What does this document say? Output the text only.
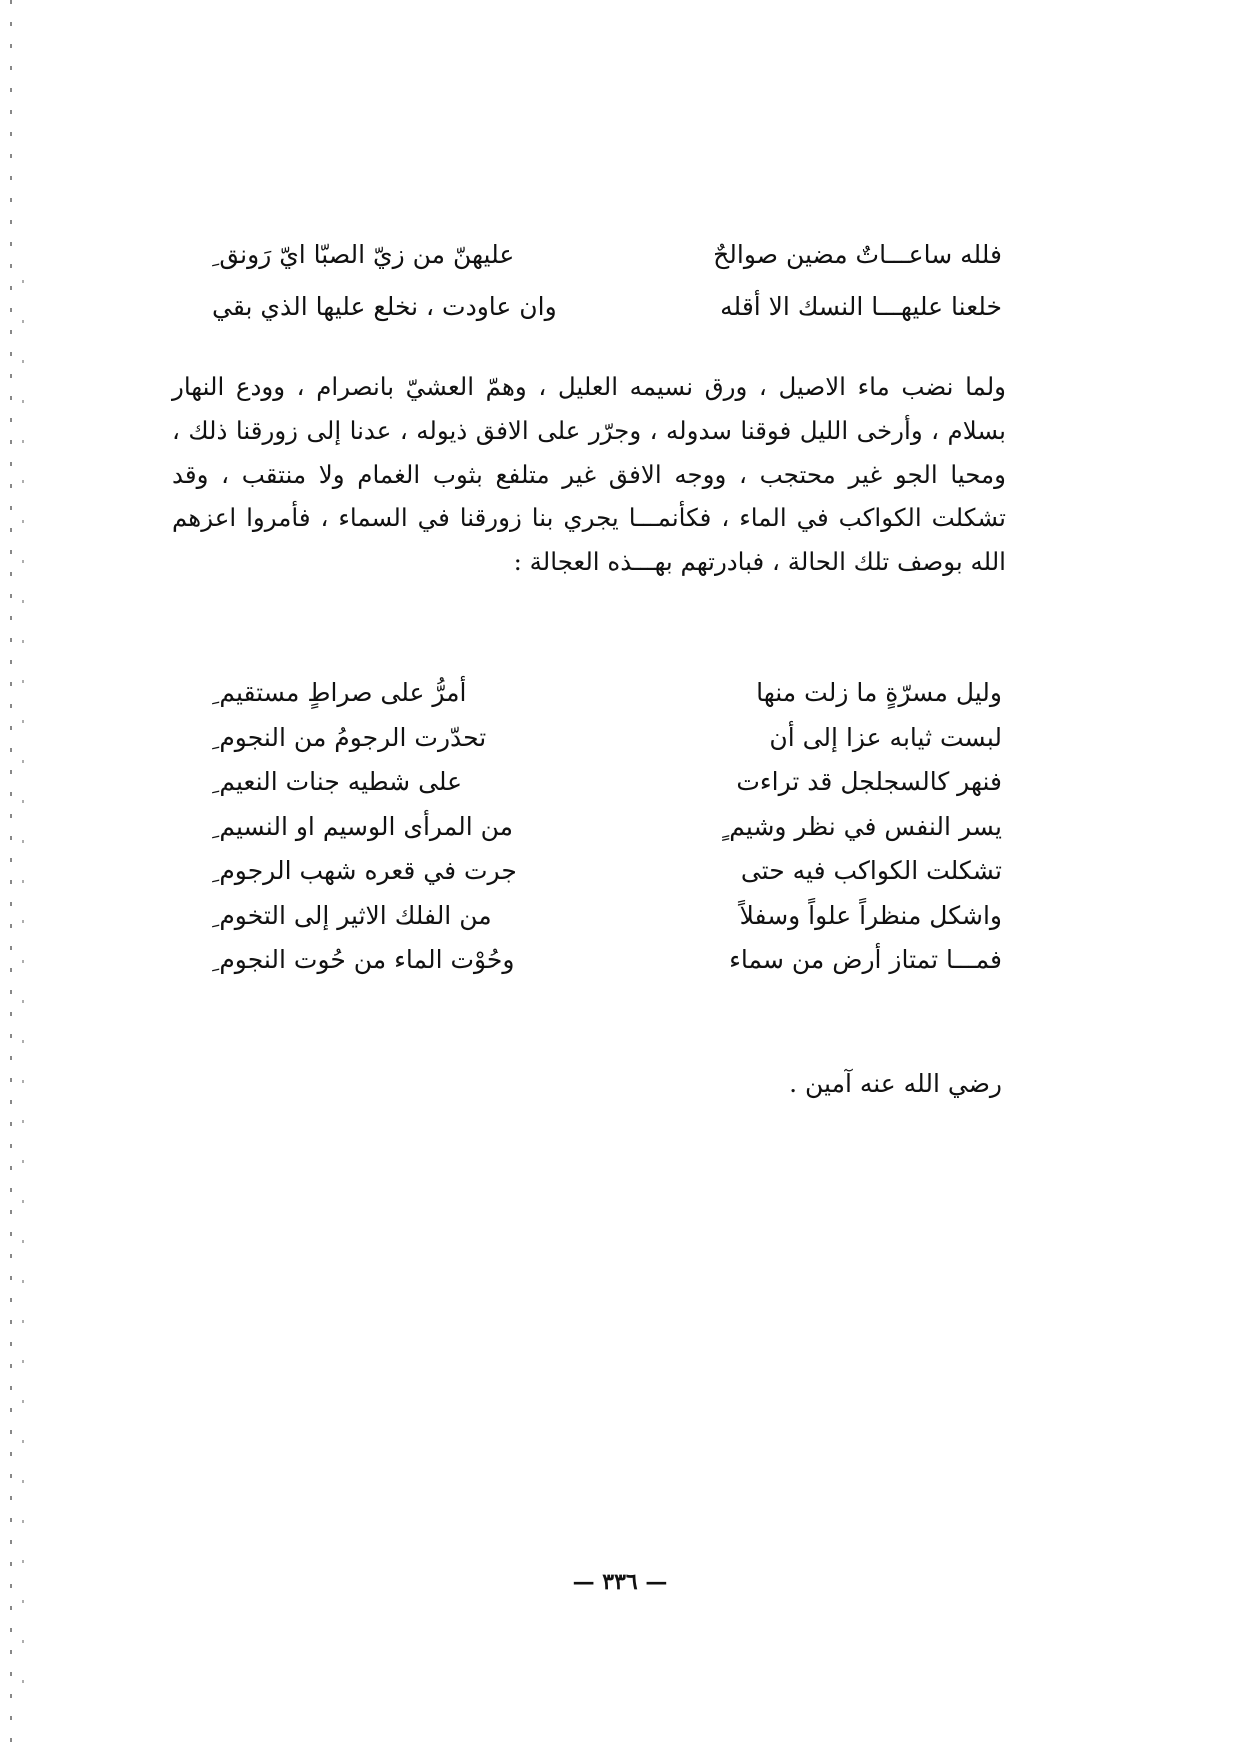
فلله ساعـــاتٌ مضين صوالحٌ
عليهنّ من زيّ الصبّا ايّ رَونق ِ
خلعنا عليهـــا النسك الا أقله
وان عاودت ، نخلع عليها الذي بقي

ولما نضب ماء الاصيل ، ورق نسيمه العليل ، وهمّ العشيّ بانصرام ، وودع النهار بسلام ، وأرخى الليل فوقنا سدوله ، وجرّر على الافق ذيوله ، عدنا إلى زورقنا ذلك ، ومحيا الجو غير محتجب ، ووجه الافق غير متلفع بثوب الغمام ولا منتقب ، وقد تشكلت الكواكب في الماء ، فكأنمـــا يجري بنا زورقنا في السماء ، فأمروا اعزهم الله بوصف تلك الحالة ، فبادرتهم بهـــذه العجالة :

وليل مسرّةٍ ما زلت منها
أمرُّ على صراطٍ مستقيم ِ
لبست ثيابه عزا إلى أن
تحدّرت الرجومُ من النجوم ِ
فنهر كالسجلجل قد تراءت
على شطيه جنات النعيم ِ
يسر النفس في نظر وشيم ٍ
من المرأى الوسيم او النسيم ِ
تشكلت الكواكب فيه حتى
جرت في قعره شهب الرجوم ِ
واشكل منظراً علواً وسفلاً
من الفلك الاثير إلى التخوم ِ
فمـــا تمتاز أرض من سماء
وحُوْت الماء من حُوت النجوم ِ

رضي الله عنه آمين .

— ٣٣٦ —
